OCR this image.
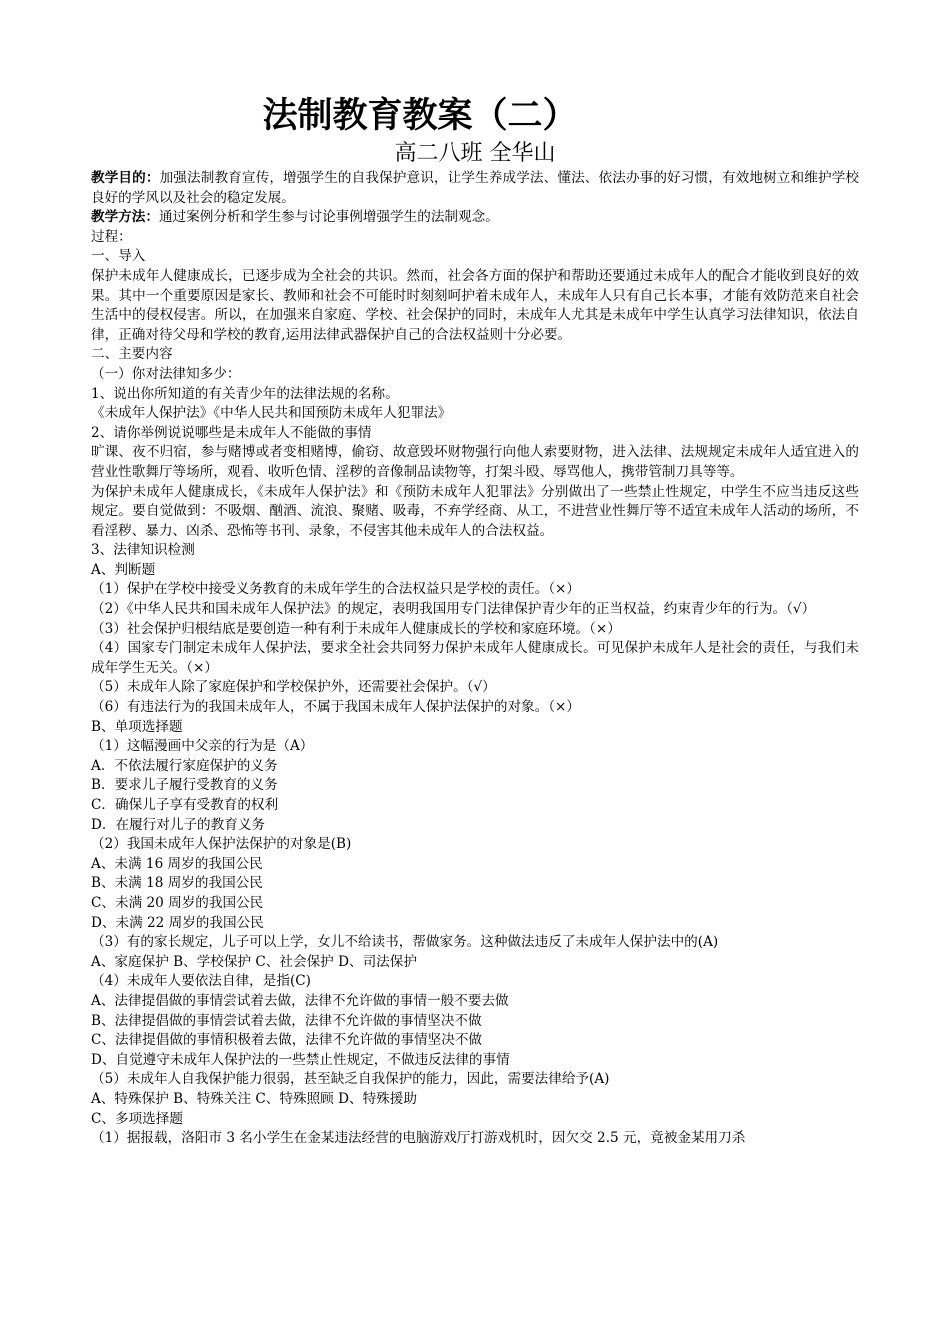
法制教育教案（二）

高二八班 全华山

教学目的：加强法制教育宣传，增强学生的自我保护意识，让学生养成学法、懂法、依法办事的好习惯，有效地树立和维护学校良好的学风以及社会的稳定发展。

教学方法：通过案例分析和学生参与讨论事例增强学生的法制观念。

过程：

一、导入

保护未成年人健康成长，已逐步成为全社会的共识。然而，社会各方面的保护和帮助还要通过未成年人的配合才能收到良好的效果。其中一个重要原因是家长、教师和社会不可能时时刻刻呵护着未成年人，未成年人只有自己长本事，才能有效防范来自社会生活中的侵权侵害。所以，在加强来自家庭、学校、社会保护的同时，未成年人尤其是未成年中学生认真学习法律知识，依法自律，正确对待父母和学校的教育,运用法律武器保护自己的合法权益则十分必要。

二、主要内容

（一）你对法律知多少：

1、说出你所知道的有关青少年的法律法规的名称。

《未成年人保护法》《中华人民共和国预防未成年人犯罪法》

2、请你举例说说哪些是未成年人不能做的事情

旷课、夜不归宿，参与赌博或者变相赌博，偷窃、故意毁坏财物强行向他人索要财物，进入法律、法规规定未成年人适宜进入的营业性歌舞厅等场所，观看、收听色情、淫秽的音像制品读物等，打架斗殴、辱骂他人，携带管制刀具等等。

为保护未成年人健康成长，《未成年人保护法》和《预防未成年人犯罪法》分别做出了一些禁止性规定，中学生不应当违反这些规定。要自觉做到：不吸烟、酗酒、流浪、聚赌、吸毒，不弃学经商、从工，不进营业性舞厅等不适宜未成年人活动的场所，不看淫秽、暴力、凶杀、恐怖等书刊、录象，不侵害其他未成年人的合法权益。

3、法律知识检测

A、判断题

（1）保护在学校中接受义务教育的未成年学生的合法权益只是学校的责任。（×）

（2）《中华人民共和国未成年人保护法》的规定，表明我国用专门法律保护青少年的正当权益，约束青少年的行为。（√）

（3）社会保护归根结底是要创造一种有利于未成年人健康成长的学校和家庭环境。（×）

（4）国家专门制定未成年人保护法，要求全社会共同努力保护未成年人健康成长。可见保护未成年人是社会的责任，与我们未成年学生无关。（×）

（5）未成年人除了家庭保护和学校保护外，还需要社会保护。（√）

（6）有违法行为的我国未成年人，不属于我国未成年人保护法保护的对象。（×）

B、单项选择题

（1）这幅漫画中父亲的行为是（A）

A．不依法履行家庭保护的义务

B．要求儿子履行受教育的义务

C．确保儿子享有受教育的权利

D．在履行对儿子的教育义务

（2）我国未成年人保护法保护的对象是(B)

A、未满 16 周岁的我国公民

B、未满 18 周岁的我国公民

C、未满 20 周岁的我国公民

D、未满 22 周岁的我国公民

（3）有的家长规定，儿子可以上学，女儿不给读书，帮做家务。这种做法违反了未成年人保护法中的(A)

A、家庭保护 B、学校保护 C、社会保护 D、司法保护

（4）未成年人要依法自律，是指(C)

A、法律提倡做的事情尝试着去做，法律不允许做的事情一般不要去做

B、法律提倡做的事情尝试着去做，法律不允许做的事情坚决不做

C、法律提倡做的事情积极着去做，法律不允许做的事情坚决不做

D、自觉遵守未成年人保护法的一些禁止性规定，不做违反法律的事情

（5）未成年人自我保护能力很弱，甚至缺乏自我保护的能力，因此，需要法律给予(A)

A、特殊保护 B、特殊关注 C、特殊照顾 D、特殊援助

C、多项选择题

（1）据报载，洛阳市 3 名小学生在金某违法经营的电脑游戏厅打游戏机时，因欠交 2.5 元，竟被金某用刀杀
